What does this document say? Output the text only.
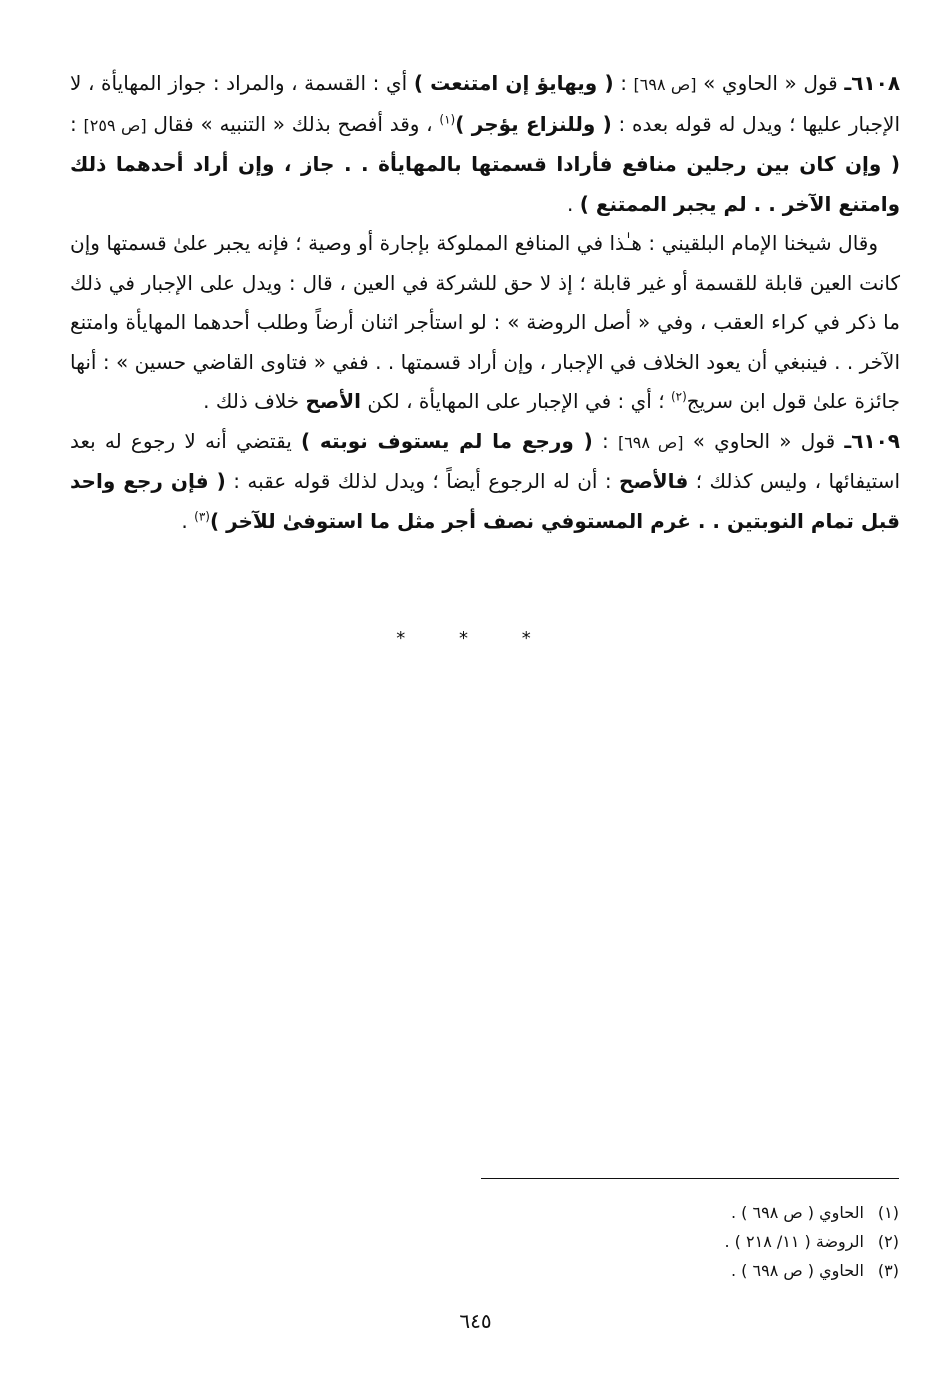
٦١٠٨ـ قول « الحاوي » [ص ٦٩٨] : ( ويهايؤ إن امتنعت ) أي : القسمة ، والمراد : جواز المهايأة ، لا الإجبار عليها ؛ ويدل له قوله بعده : ( وللنزاع يؤجر )$^{(١)}$ ، وقد أفصح بذلك « التنبيه » فقال [ص ٢٥٩] : ( وإن كان بين رجلين منافع فأرادا قسمتها بالمهايأة . . جاز ، وإن أراد أحدهما ذلك وامتنع الآخر . . لم يجبر الممتنع ) .

وقال شيخنا الإمام البلقيني : هـٰذا في المنافع المملوكة بإجارة أو وصية ؛ فإنه يجبر علىٰ قسمتها وإن كانت العين قابلة للقسمة أو غير قابلة ؛ إذ لا حق للشركة في العين ، قال : ويدل على الإجبار في ذلك ما ذكر في كراء العقب ، وفي « أصل الروضة » : لو استأجر اثنان أرضاً وطلب أحدهما المهايأة وامتنع الآخر . . فينبغي أن يعود الخلاف في الإجبار ، وإن أراد قسمتها . . ففي « فتاوى القاضي حسين » : أنها جائزة علىٰ قول ابن سريج$^{(٢)}$ ؛ أي : في الإجبار على المهايأة ، لكن الأصح خلاف ذلك .

٦١٠٩ـ قول « الحاوي » [ص ٦٩٨] : ( ورجع ما لم يستوف نوبته ) يقتضي أنه لا رجوع له بعد استيفائها ، وليس كذلك ؛ فالأصح : أن له الرجوع أيضاً ؛ ويدل لذلك قوله عقبه : ( فإن رجع واحد قبل تمام النوبتين . . غرم المستوفي نصف أجر مثل ما استوفىٰ للآخر )$^{(٣)}$ .

* * *
(١)
الحاوي ( ص ٦٩٨ ) .
(٢)
الروضة ( ١١/ ٢١٨ ) .
(٣)
الحاوي ( ص ٦٩٨ ) .
٦٤٥
